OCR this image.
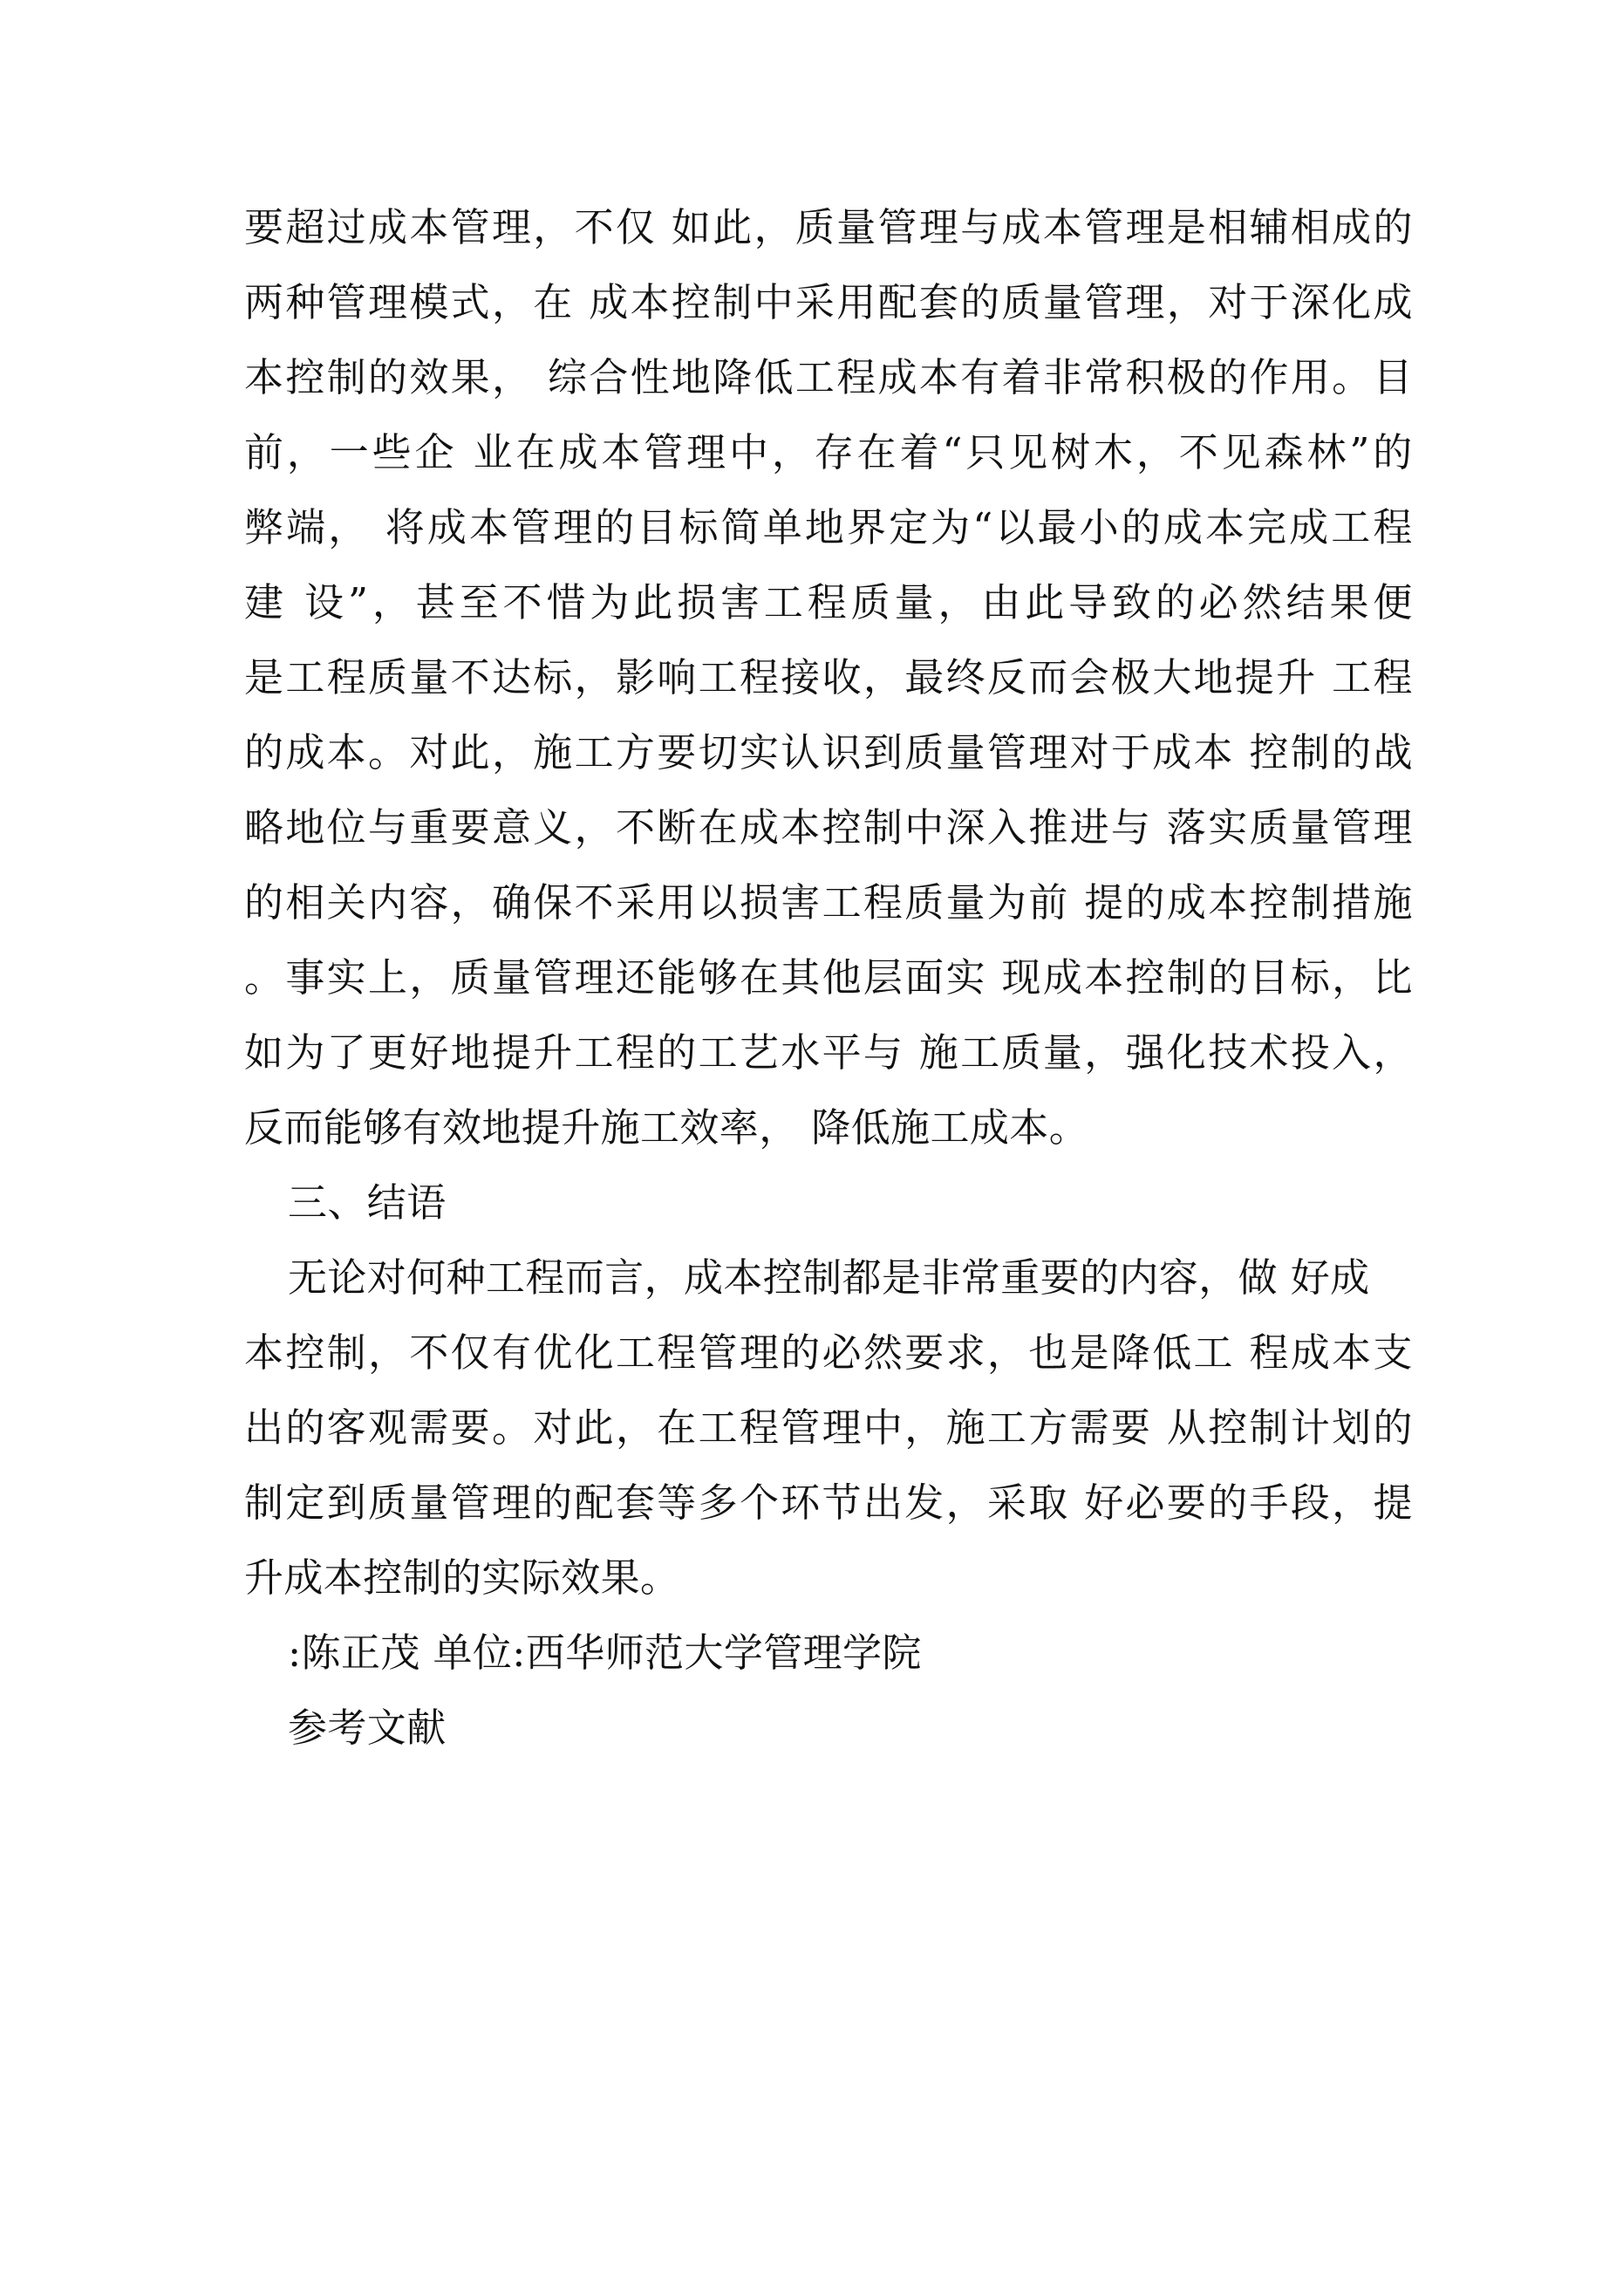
要 超 过 成 本 管 理 ， 不 仅
如 此 ， 质 量 管 理 与 成 本 管 理 是 相 辅 相 成 的
两 种 管 理 模 式 ， 在
成 本 控 制 中 采 用 配 套 的 质 量 管 理 ， 对 于 深 化 成
本 控 制 的 效 果 ，
综 合 性 地 降 低 工 程 成 本 有 着 非 常 积 极 的 作 用 。 目
前 ， 一 些 企
业 在 成 本 管 理 中 ， 存 在 着 “ 只 见 树 木 ， 不 见 森 林 ” 的
弊 端 ，
将 成 本 管 理 的 目 标 简 单 地 界 定 为 “ 以 最 小 的 成 本 完 成 工 程
建
设 ” ， 甚 至 不 惜 为 此 损 害 工 程 质 量 ， 由 此 导 致 的 必 然 结 果 便
是 工 程 质 量 不 达 标 ， 影 响 工 程 接 收 ， 最 终 反 而 会 极 大 地 提 升
工 程
的 成 本 。 对 此 ， 施 工 方 要 切 实 认 识 到 质 量 管 理 对 于 成 本
控 制 的 战
略 地 位 与 重 要 意 义 ， 不 断 在 成 本 控 制 中 深 入 推 进 与
落 实 质 量 管 理
的 相 关 内 容 ， 确 保 不 采 用 以 损 害 工 程 质 量 为 前
提 的 成 本 控 制 措 施
。 事 实 上 ， 质 量 管 理 还 能 够 在 其 他 层 面 实
现 成 本 控 制 的 目 标 ， 比
如 为 了 更 好 地 提 升 工 程 的 工 艺 水 平 与
施 工 质 量 ， 强 化 技 术 投 入 ，
反而能够有效地提升施工效率， 降低施工成本。
三、结语
无论对何种工程而言，成本控制都是非常重要的内容，做 好成
本 控 制 ， 不 仅 有 优 化 工 程 管 理 的 必 然 要 求 ， 也 是 降 低 工
程 成 本 支
出 的 客 观 需 要 。 对 此 ， 在 工 程 管 理 中 ， 施 工 方 需 要
从 控 制 计 划 的
制 定 到 质 量 管 理 的 配 套 等 多 个 环 节 出 发 ， 采 取
好 必 要 的 手 段 ， 提
升成本控制的实际效果。
:陈正茂 单位:西华师范大学管理学院
参考文献
